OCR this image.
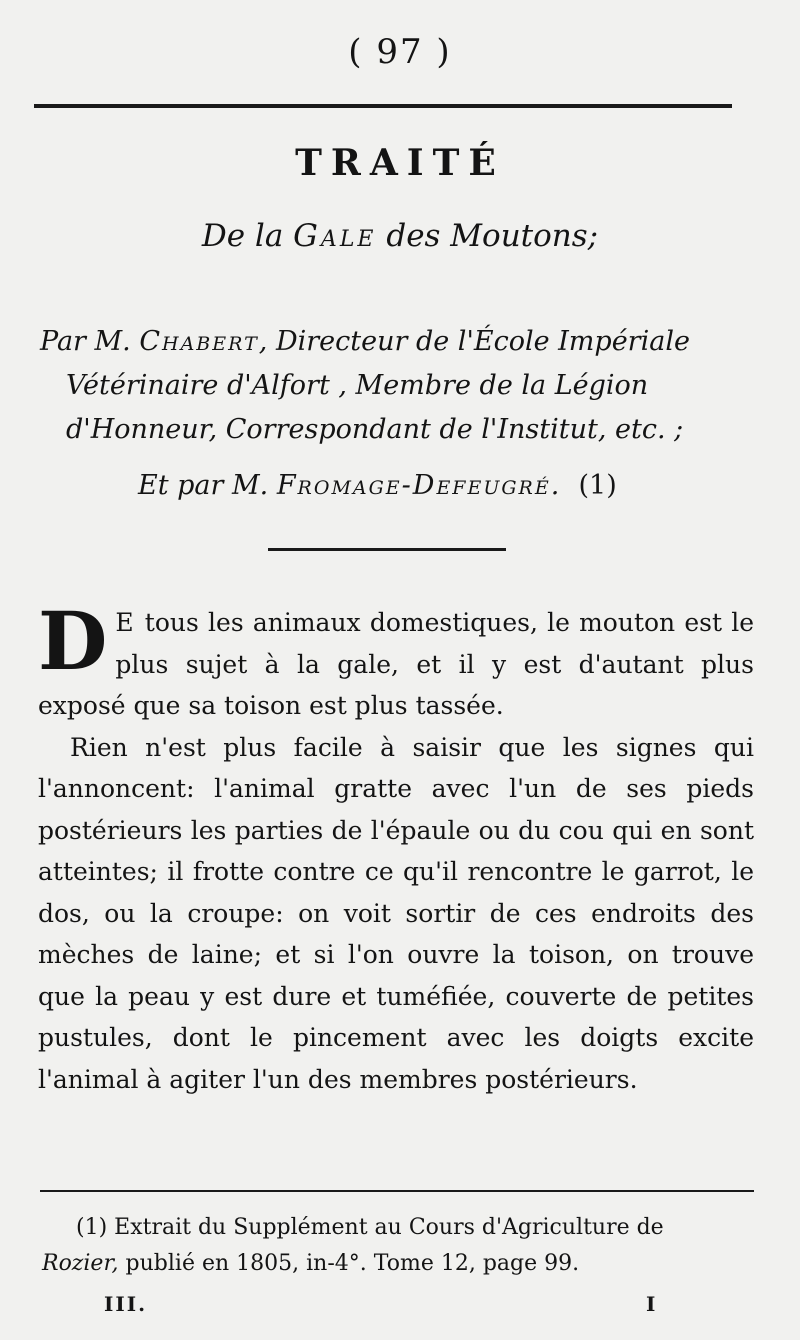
( 97 )
TRAITÉ
De la Gale des Moutons;
Par M. Chabert, Directeur de l'École Impériale
Vétérinaire d'Alfort , Membre de la Légion
d'Honneur, Correspondant de l'Institut, etc. ;
Et par M. Fromage-Defeugré. (1)

D E tous les animaux domestiques, le mouton est le plus sujet à la gale, et il y est d'autant plus exposé que sa toison est plus tassée.

Rien n'est plus facile à saisir que les signes qui l'annoncent: l'animal gratte avec l'un de ses pieds postérieurs les parties de l'épaule ou du cou qui en sont atteintes; il frotte contre ce qu'il rencontre le garrot, le dos, ou la croupe: on voit sortir de ces endroits des mèches de laine; et si l'on ouvre la toison, on trouve que la peau y est dure et tuméfiée, couverte de petites pustules, dont le pincement avec les doigts excite l'animal à agiter l'un des membres postérieurs.

(1) Extrait du Supplément au Cours d'Agriculture de
Rozier, publié en 1805, in-4°. Tome 12, page 99.
III.	I
